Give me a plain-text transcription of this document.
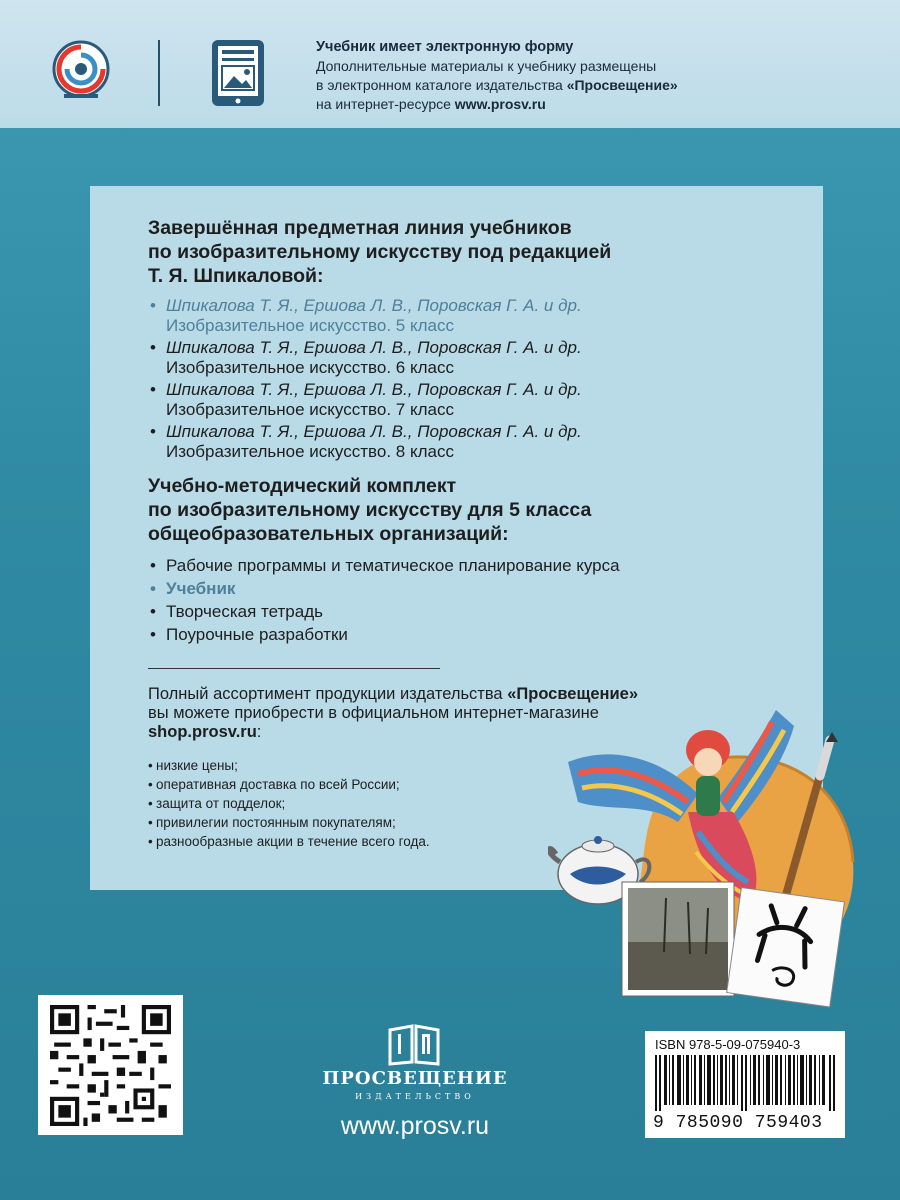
Учебник имеет электронную форму
Дополнительные материалы к учебнику размещены
в электронном каталоге издательства «Просвещение»
на интернет-ресурсе www.prosv.ru
Завершённая предметная линия учебников
по изобразительному искусству под редакцией
Т. Я. Шпикаловой:
• Шпикалова Т. Я., Ершова Л. В., Поровская Г. А. и др.
Изобразительное искусство. 5 класс
• Шпикалова Т. Я., Ершова Л. В., Поровская Г. А. и др.
Изобразительное искусство. 6 класс
• Шпикалова Т. Я., Ершова Л. В., Поровская Г. А. и др.
Изобразительное искусство. 7 класс
• Шпикалова Т. Я., Ершова Л. В., Поровская Г. А. и др.
Изобразительное искусство. 8 класс
Учебно-методический комплект
по изобразительному искусству для 5 класса
общеобразовательных организаций:
• Рабочие программы и тематическое планирование курса
• Учебник
• Творческая тетрадь
• Поурочные разработки
Полный ассортимент продукции издательства «Просвещение»
вы можете приобрести в официальном интернет-магазине
shop.prosv.ru:
• низкие цены;
• оперативная доставка по всей России;
• защита от подделок;
• привилегии постоянным покупателям;
• разнообразные акции в течение всего года.
ПРОСВЕЩЕНИЕ
ИЗДАТЕЛЬСТВО
www.prosv.ru
ISBN 978-5-09-075940-3
9 785090 759403
